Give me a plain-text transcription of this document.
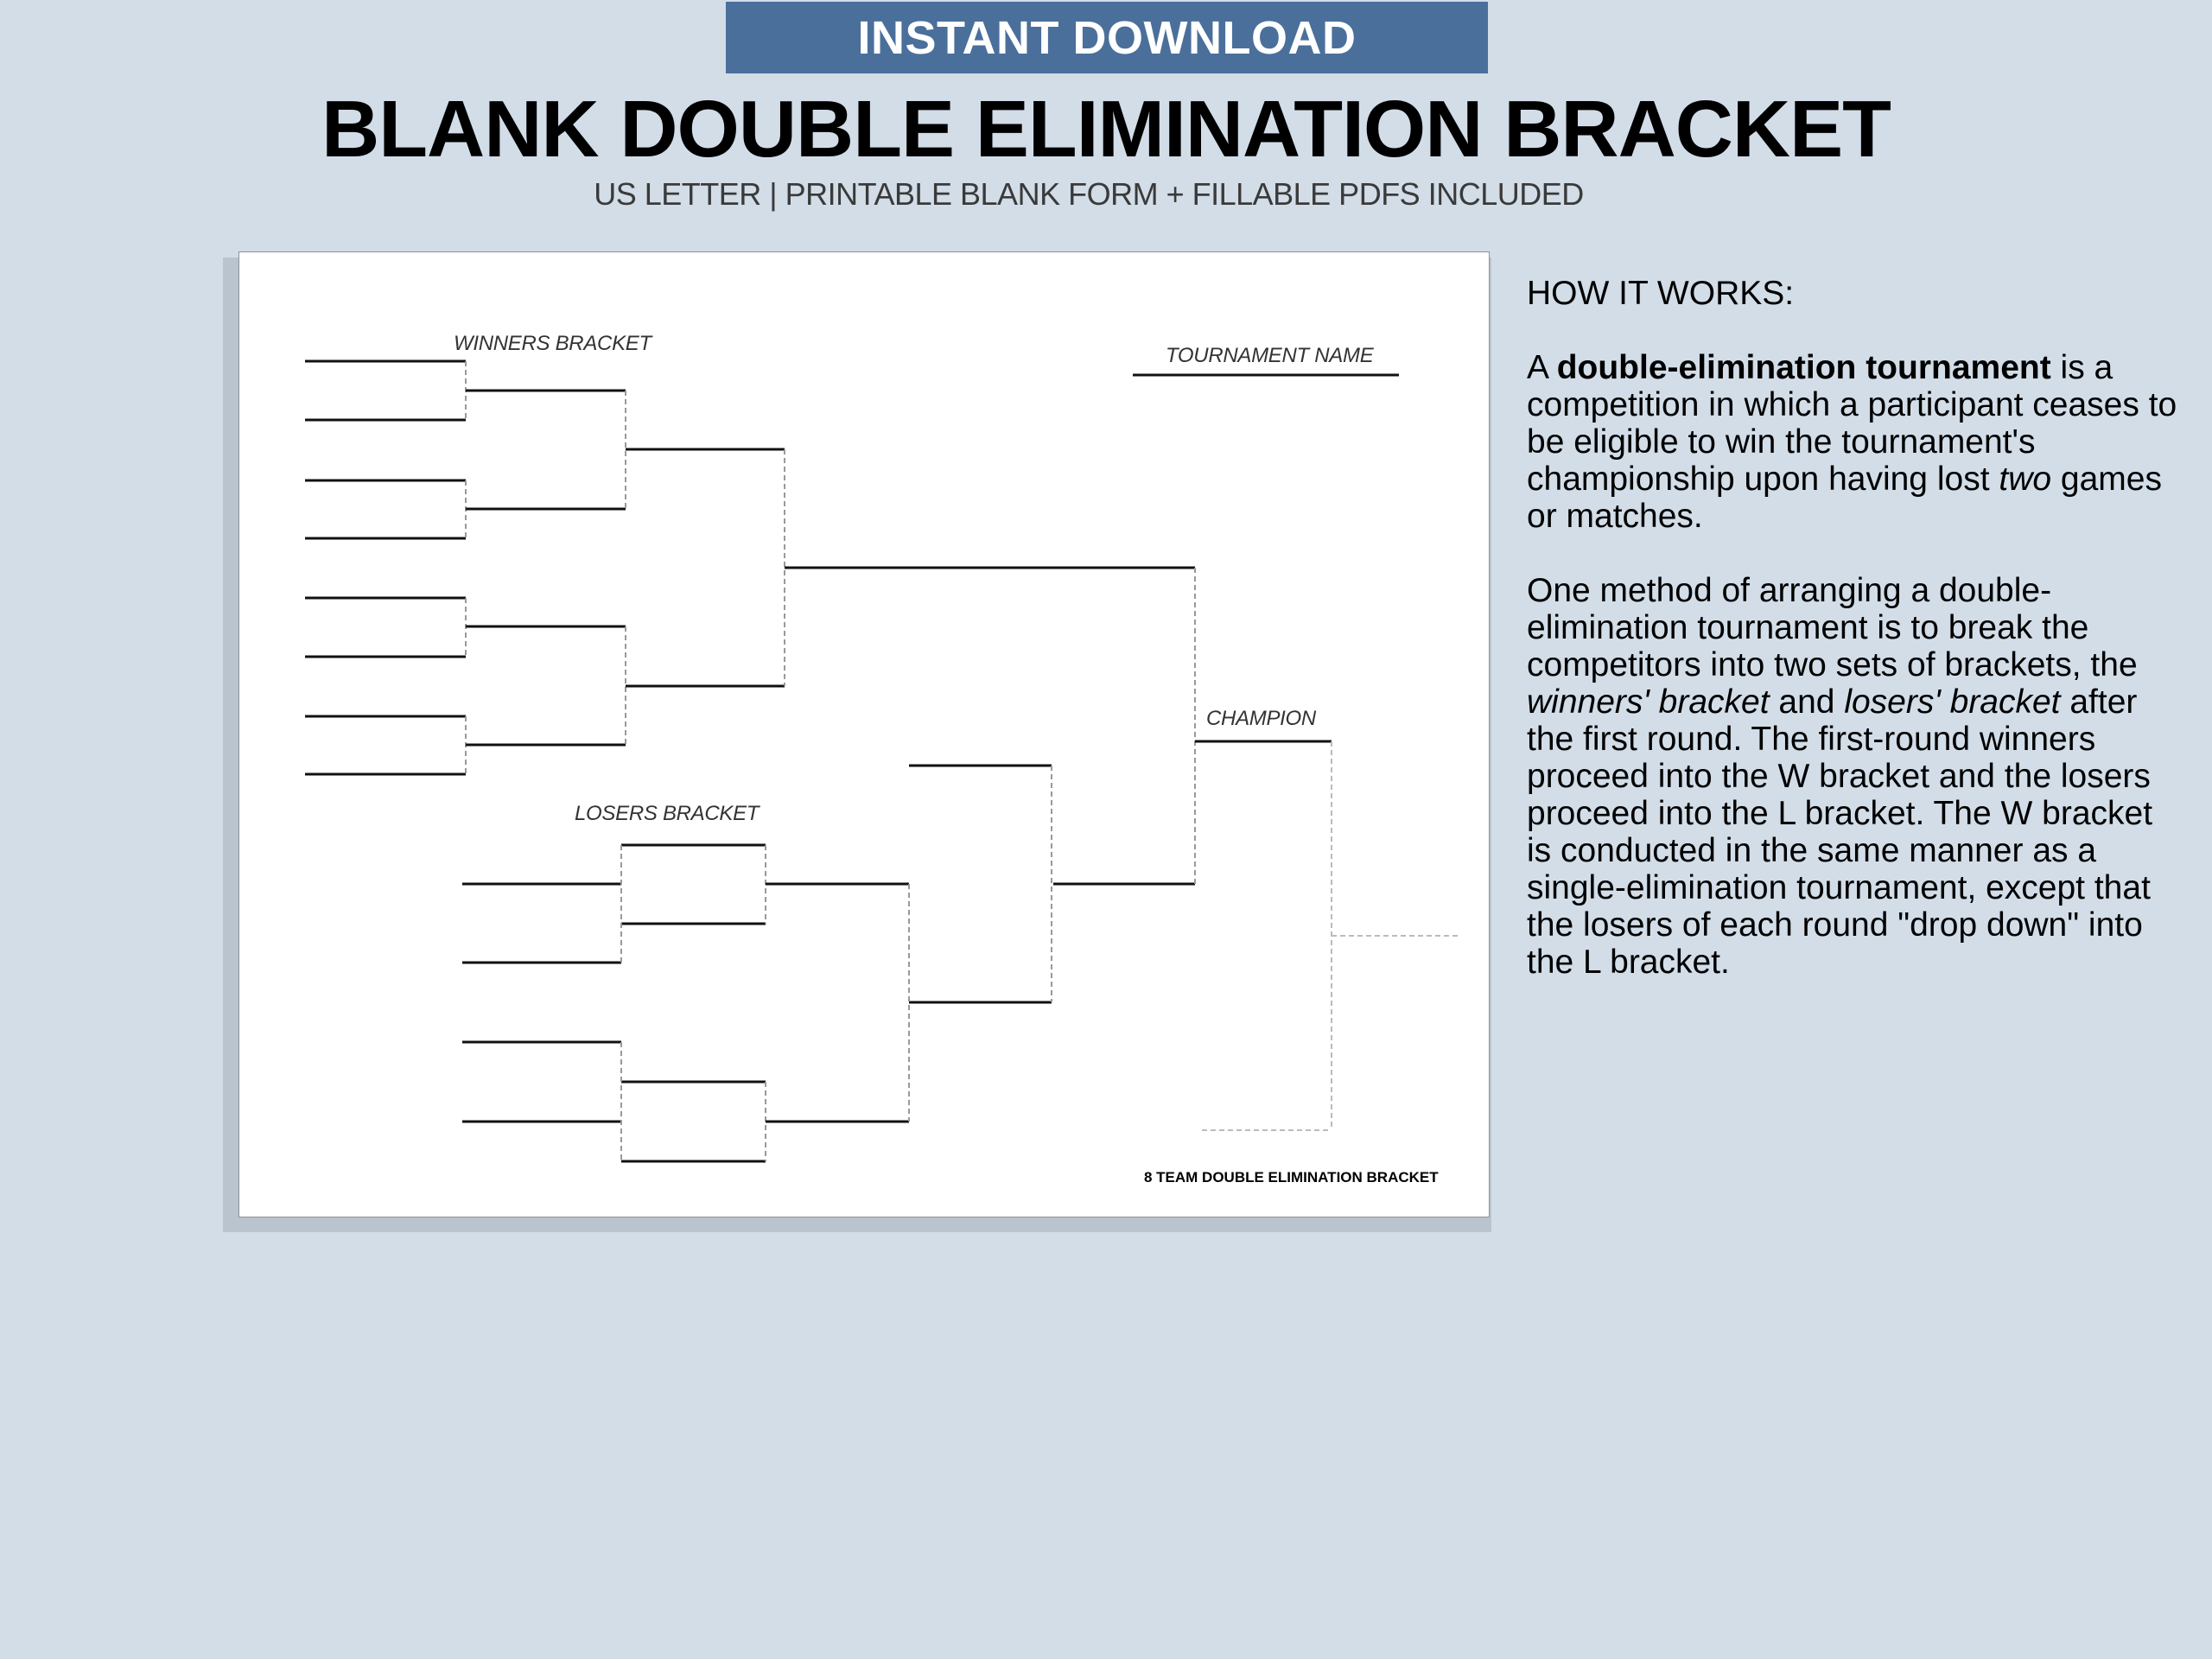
INSTANT DOWNLOAD
BLANK DOUBLE ELIMINATION BRACKET
US LETTER | PRINTABLE BLANK FORM + FILLABLE PDFS INCLUDED
WINNERS BRACKET
TOURNAMENT NAME
CHAMPION
LOSERS BRACKET
8 TEAM DOUBLE ELIMINATION BRACKET
HOW IT WORKS:

A double-elimination tournament is a competition in which a participant ceases to be eligible to win the tournament's championship upon having lost two games or matches.

One method of arranging a double-elimination tournament is to break the competitors into two sets of brackets, the winners' bracket and losers' bracket after the first round. The first-round winners proceed into the W bracket and the losers proceed into the L bracket. The W bracket is conducted in the same manner as a single-elimination tournament, except that the losers of each round "drop down" into the L bracket.
